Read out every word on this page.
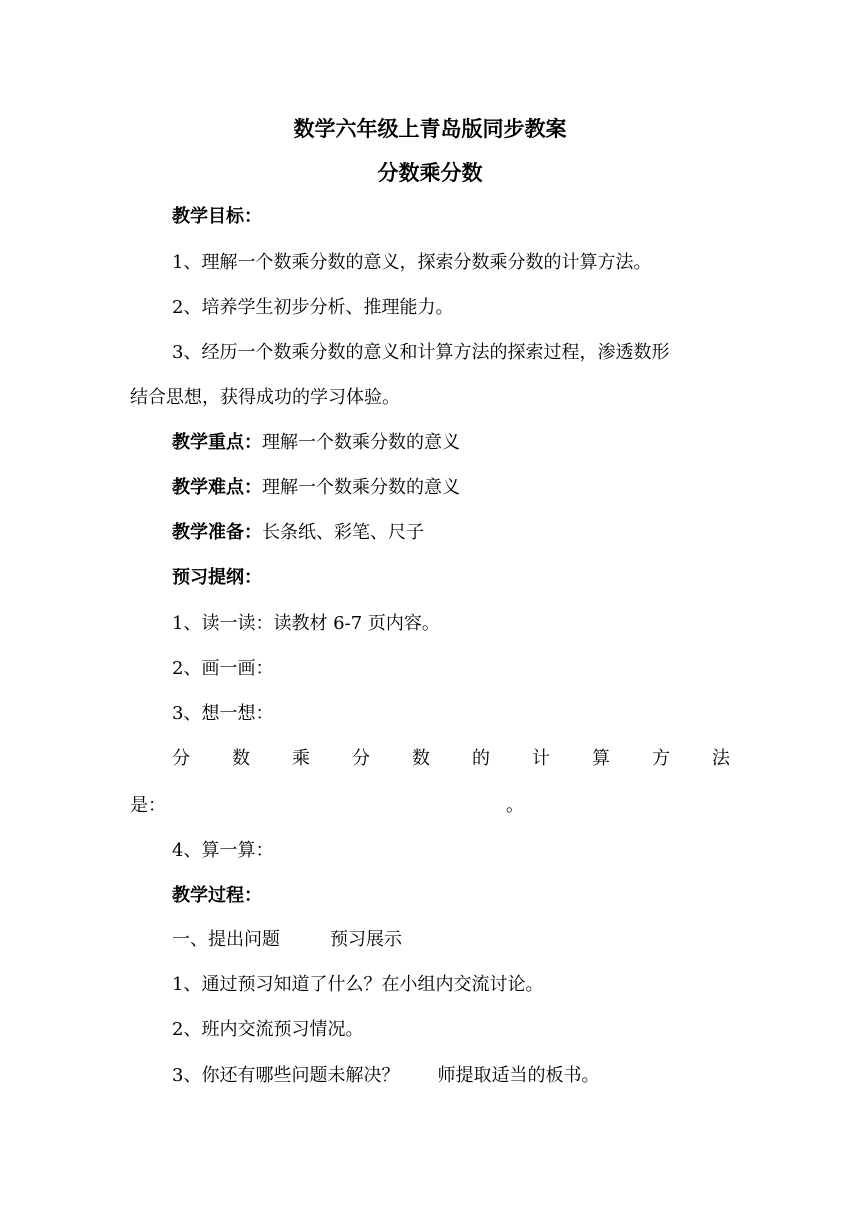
数学六年级上青岛版同步教案
分数乘分数
教学目标：
1、理解一个数乘分数的意义，探索分数乘分数的计算方法。
2、培养学生初步分析、推理能力。
3、经历一个数乘分数的意义和计算方法的探索过程，渗透数形
结合思想，获得成功的学习体验。
教学重点：理解一个数乘分数的意义
教学难点：理解一个数乘分数的意义
教学准备：长条纸、彩笔、尺子
预习提纲：
1、读一读：读教材 6-7 页内容。
2、画一画：
3、想一想：
分 数 乘 分 数 的 计 算 方 法
是：	。
4、算一算：
教学过程：
一、提出问题	预习展示
1、通过预习知道了什么？在小组内交流讨论。
2、班内交流预习情况。
3、你还有哪些问题未解决？ 师提取适当的板书。
